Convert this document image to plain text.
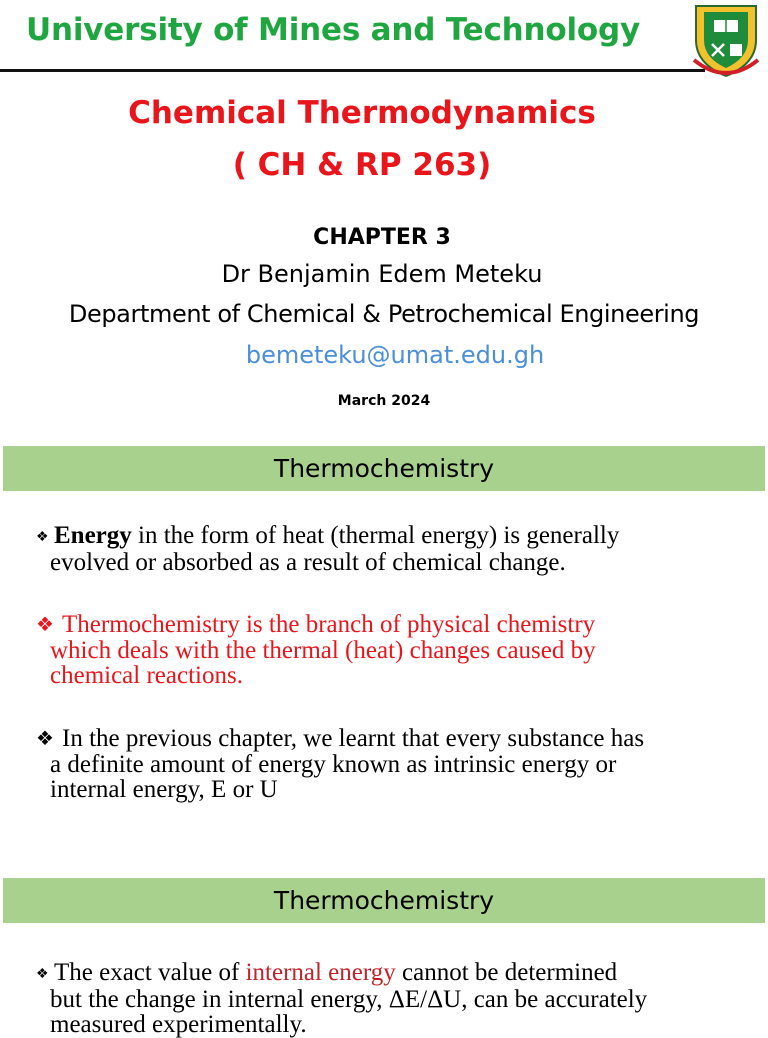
University of Mines and Technology
Chemical Thermodynamics
( CH & RP 263)
CHAPTER 3
Dr Benjamin Edem Meteku
Department of Chemical & Petrochemical Engineering
bemeteku@umat.edu.gh
March 2024
Thermochemistry
❖ Energy in the form of heat (thermal energy) is generally
evolved or absorbed as a result of chemical change.
❖ Thermochemistry is the branch of physical chemistry
which deals with the thermal (heat) changes caused by
chemical reactions.
❖ In the previous chapter, we learnt that every substance has
a definite amount of energy known as intrinsic energy or
internal energy, E or U
Thermochemistry
❖ The exact value of internal energy cannot be determined
but the change in internal energy, ΔE/ΔU, can be accurately
measured experimentally.
